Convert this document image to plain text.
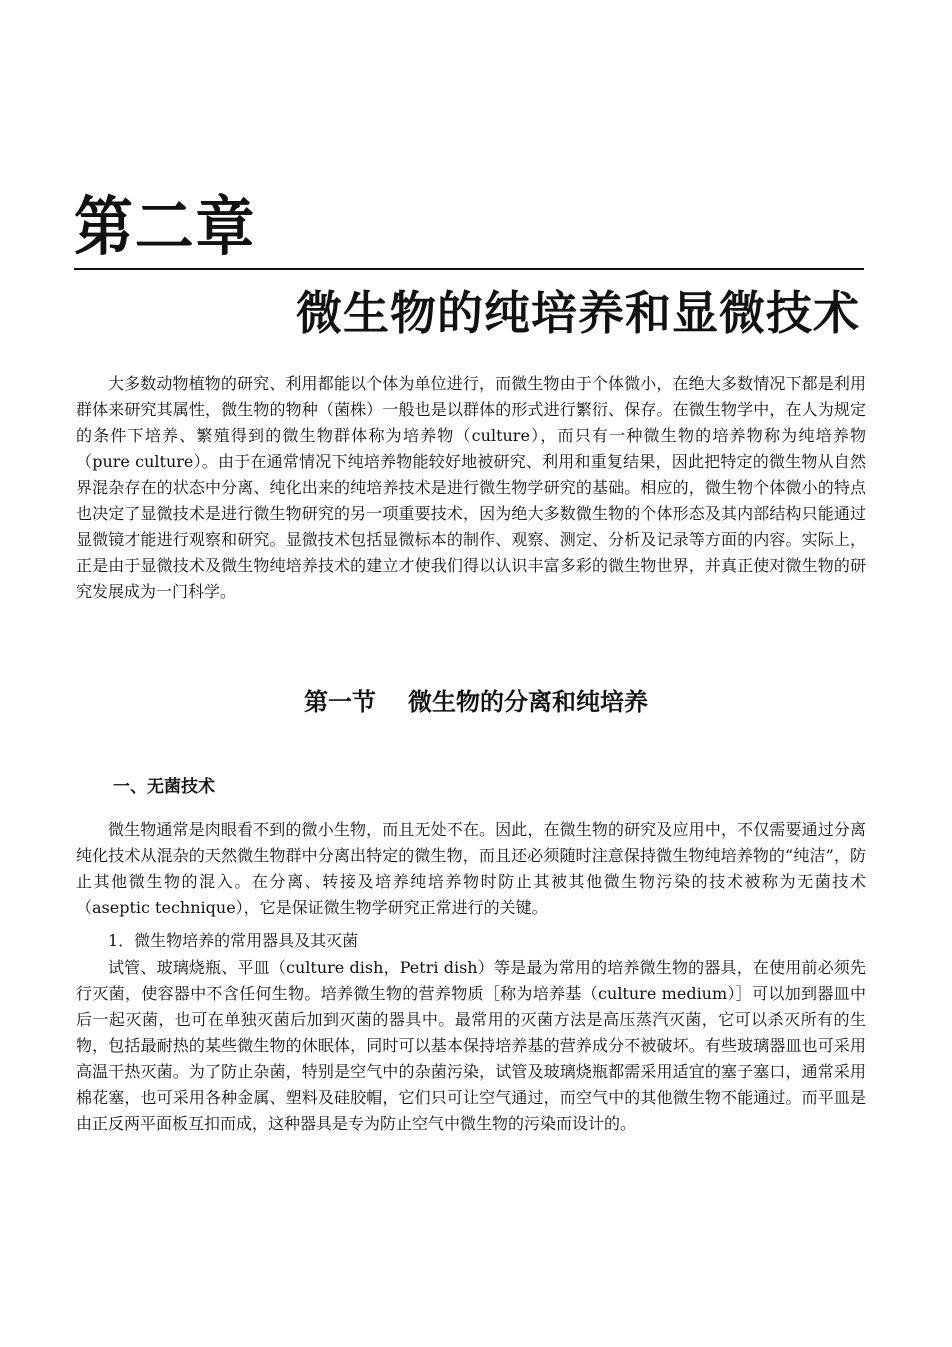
第二章
微生物的纯培养和显微技术

大多数动物植物的研究、利用都能以个体为单位进行，而微生物由于个体微小，在绝大多数情况下都是利用群体来研究其属性，微生物的物种（菌株）一般也是以群体的形式进行繁衍、保存。在微生物学中，在人为规定的条件下培养、繁殖得到的微生物群体称为培养物（culture），而只有一种微生物的培养物称为纯培养物（pure culture）。由于在通常情况下纯培养物能较好地被研究、利用和重复结果，因此把特定的微生物从自然界混杂存在的状态中分离、纯化出来的纯培养技术是进行微生物学研究的基础。相应的，微生物个体微小的特点也决定了显微技术是进行微生物研究的另一项重要技术，因为绝大多数微生物的个体形态及其内部结构只能通过显微镜才能进行观察和研究。显微技术包括显微标本的制作、观察、测定、分析及记录等方面的内容。实际上，正是由于显微技术及微生物纯培养技术的建立才使我们得以认识丰富多彩的微生物世界，并真正使对微生物的研究发展成为一门科学。

第一节 微生物的分离和纯培养
一、无菌技术

微生物通常是肉眼看不到的微小生物，而且无处不在。因此，在微生物的研究及应用中，不仅需要通过分离纯化技术从混杂的天然微生物群中分离出特定的微生物，而且还必须随时注意保持微生物纯培养物的“纯洁”，防止其他微生物的混入。在分离、转接及培养纯培养物时防止其被其他微生物污染的技术被称为无菌技术（aseptic technique），它是保证微生物学研究正常进行的关键。

1．微生物培养的常用器具及其灭菌

试管、玻璃烧瓶、平皿（culture dish，Petri dish）等是最为常用的培养微生物的器具，在使用前必须先行灭菌，使容器中不含任何生物。培养微生物的营养物质［称为培养基（culture medium）］可以加到器皿中后一起灭菌，也可在单独灭菌后加到灭菌的器具中。最常用的灭菌方法是高压蒸汽灭菌，它可以杀灭所有的生物，包括最耐热的某些微生物的休眠体，同时可以基本保持培养基的营养成分不被破坏。有些玻璃器皿也可采用高温干热灭菌。为了防止杂菌，特别是空气中的杂菌污染，试管及玻璃烧瓶都需采用适宜的塞子塞口，通常采用棉花塞，也可采用各种金属、塑料及硅胶帽，它们只可让空气通过，而空气中的其他微生物不能通过。而平皿是由正反两平面板互扣而成，这种器具是专为防止空气中微生物的污染而设计的。
